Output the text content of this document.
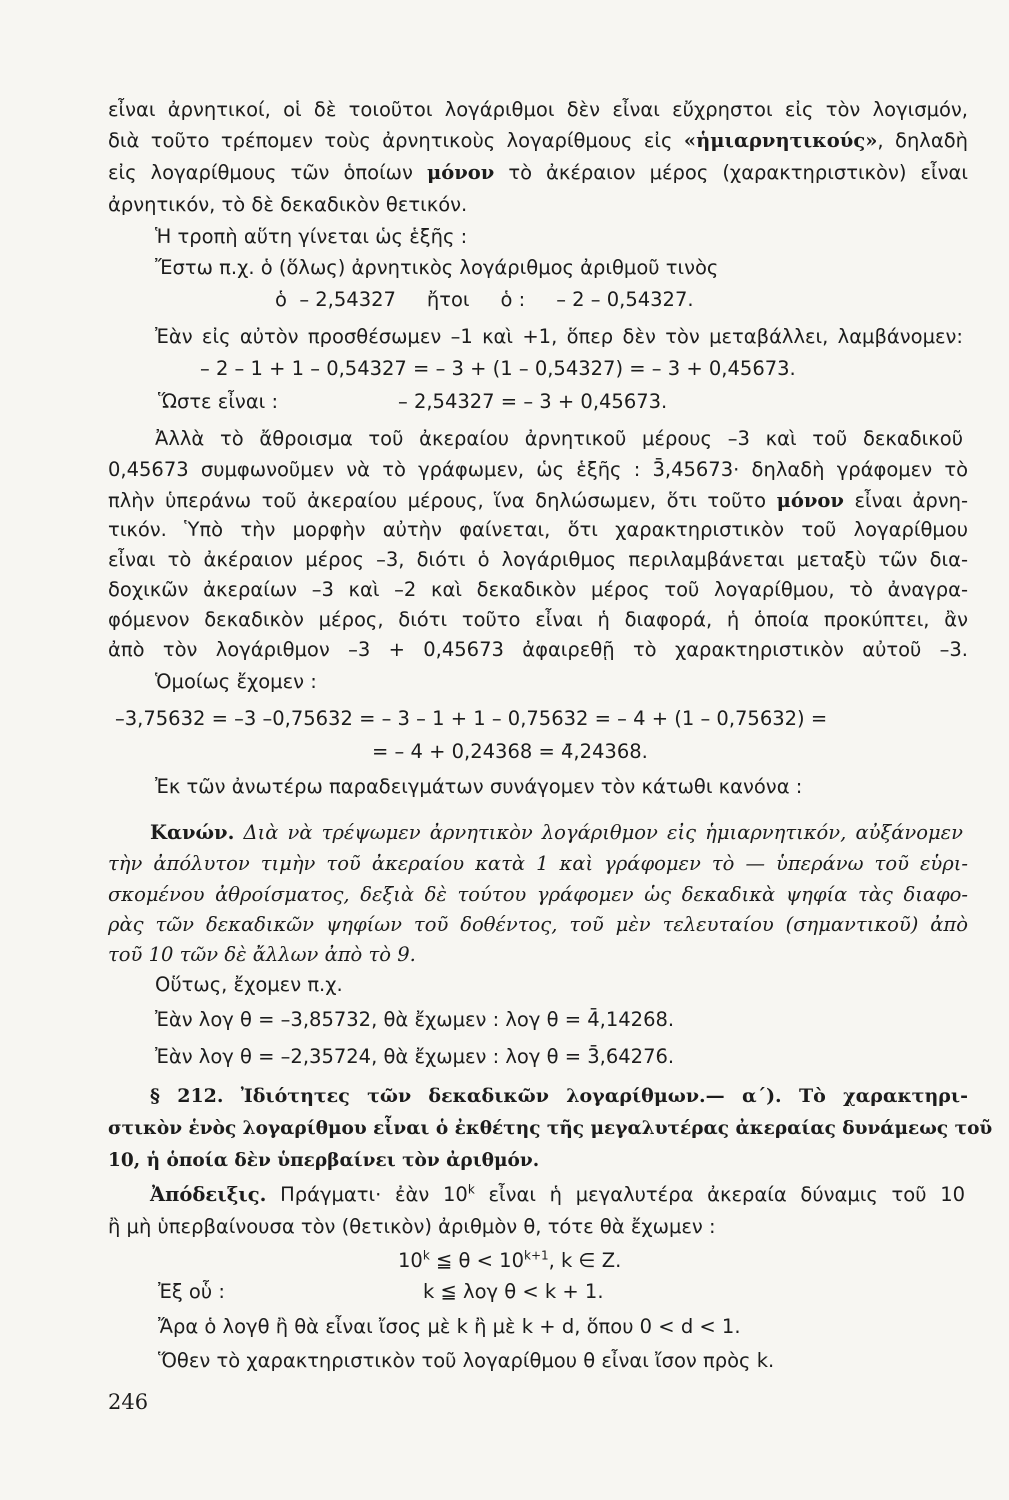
εἶναι ἀρνητικοί, οἱ δὲ τοιοῦτοι λογάριθμοι δὲν εἶναι εὔχρηστοι εἰς τὸν λογισμόν,

διὰ τοῦτο τρέπομεν τοὺς ἀρνητικοὺς λογαρίθμους εἰς «ἡμιαρνητικούς», δηλαδὴ

εἰς λογαρίθμους τῶν ὁποίων μόνον τὸ ἀκέραιον μέρος (χαρακτηριστικὸν) εἶναι

ἀρνητικόν, τὸ δὲ δεκαδικὸν θετικόν.

Ἡ τροπὴ αὕτη γίνεται ὡς ἑξῆς :

Ἔστω π.χ. ὁ (ὅλως) ἀρνητικὸς λογάριθμος ἀριθμοῦ τινὸς

ὁ  – 2,54327     ἤτοι     ὁ :     – 2 – 0,54327.

Ἐὰν εἰς αὐτὸν προσθέσωμεν –1 καὶ +1, ὅπερ δὲν τὸν μεταβάλλει, λαμβάνομεν:

– 2 – 1 + 1 – 0,54327 = – 3 + (1 – 0,54327) = – 3 + 0,45673.

Ὥστε εἶναι :	– 2,54327 = – 3 + 0,45673.

Ἀλλὰ τὸ ἄθροισμα τοῦ ἀκεραίου ἀρνητικοῦ μέρους –3 καὶ τοῦ δεκαδικοῦ

0,45673 συμφωνοῦμεν νὰ τὸ γράφωμεν, ὡς ἑξῆς : 3̄,45673· δηλαδὴ γράφομεν τὸ

πλὴν ὑπεράνω τοῦ ἀκεραίου μέρους, ἵνα δηλώσωμεν, ὅτι τοῦτο μόνον εἶναι ἀρνη-

τικόν. Ὑπὸ τὴν μορφὴν αὐτὴν φαίνεται, ὅτι χαρακτηριστικὸν τοῦ λογαρίθμου

εἶναι τὸ ἀκέραιον μέρος –3, διότι ὁ λογάριθμος περιλαμβάνεται μεταξὺ τῶν δια-

δοχικῶν ἀκεραίων –3 καὶ –2 καὶ δεκαδικὸν μέρος τοῦ λογαρίθμου, τὸ ἀναγρα-

φόμενον δεκαδικὸν μέρος, διότι τοῦτο εἶναι ἡ διαφορά, ἡ ὁποία προκύπτει, ἂν

ἀπὸ τὸν λογάριθμον –3 + 0,45673 ἀφαιρεθῇ τὸ χαρακτηριστικὸν αὐτοῦ –3.

Ὁμοίως ἔχομεν :

–3,75632 = –3 –0,75632 = – 3 – 1 + 1 – 0,75632 = – 4 + (1 – 0,75632) =

= – 4 + 0,24368 = 4̄,24368.

Ἐκ τῶν ἀνωτέρω παραδειγμάτων συνάγομεν τὸν κάτωθι κανόνα :

Κανών. Διὰ νὰ τρέψωμεν ἀρνητικὸν λογάριθμον εἰς ἡμιαρνητικόν, αὐξάνομεν

τὴν ἀπόλυτον τιμὴν τοῦ ἀκεραίου κατὰ 1 καὶ γράφομεν τὸ — ὑπεράνω τοῦ εὑρι-

σκομένου ἀθροίσματος, δεξιὰ δὲ τούτου γράφομεν ὡς δεκαδικὰ ψηφία τὰς διαφο-

ρὰς τῶν δεκαδικῶν ψηφίων τοῦ δοθέντος, τοῦ μὲν τελευταίου (σημαντικοῦ) ἀπὸ

τοῦ 10 τῶν δὲ ἄλλων ἀπὸ τὸ 9.

Οὕτως, ἔχομεν π.χ.

Ἐὰν λογ θ = –3,85732, θὰ ἔχωμεν : λογ θ = 4̄,14268.

Ἐὰν λογ θ = –2,35724, θὰ ἔχωμεν : λογ θ = 3̄,64276.

§ 212. Ἰδιότητες τῶν δεκαδικῶν λογαρίθμων.— α΄). Τὸ χαρακτηρι-

στικὸν ἑνὸς λογαρίθμου εἶναι ὁ ἐκθέτης τῆς μεγαλυτέρας ἀκεραίας δυνάμεως τοῦ

10, ἡ ὁποία δὲν ὑπερβαίνει τὸν ἀριθμόν.

Ἀπόδειξις. Πράγματι· ἐὰν 10$^k$ εἶναι ἡ μεγαλυτέρα ἀκεραία δύναμις τοῦ 10

ἢ μὴ ὑπερβαίνουσα τὸν (θετικὸν) ἀριθμὸν θ, τότε θὰ ἔχωμεν :

10$^k$ ≦ $\theta < 10^{k+1}$, k ∈ Z.

Ἐξ οὗ :	k ≦ λογ θ < k + 1.

Ἄρα ὁ λογθ ἢ θὰ εἶναι ἴσος μὲ k ἢ μὲ k + d, ὅπου 0 < d < 1.

Ὅθεν τὸ χαρακτηριστικὸν τοῦ λογαρίθμου θ εἶναι ἴσον πρὸς k.

246
